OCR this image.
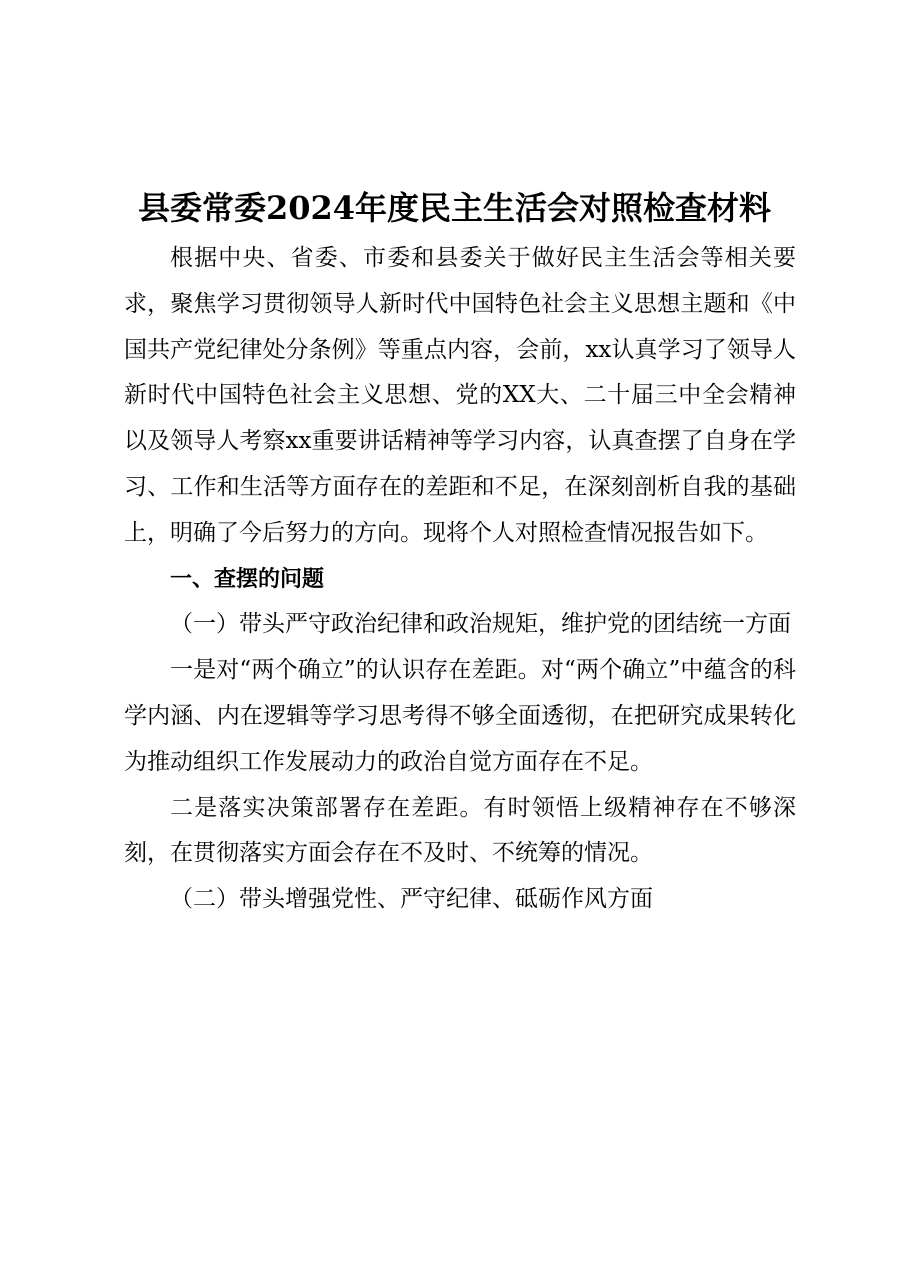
县委常委2024年度民主生活会对照检查材料

根据中央、省委、市委和县委关于做好民主生活会等相关要求，聚焦学习贯彻领导人新时代中国特色社会主义思想主题和《中国共产党纪律处分条例》等重点内容，会前，xx认真学习了领导人新时代中国特色社会主义思想、党的XX大、二十届三中全会精神以及领导人考察xx重要讲话精神等学习内容，认真查摆了自身在学习、工作和生活等方面存在的差距和不足，在深刻剖析自我的基础上，明确了今后努力的方向。现将个人对照检查情况报告如下。

一、查摆的问题

（一）带头严守政治纪律和政治规矩，维护党的团结统一方面

一是对“两个确立”的认识存在差距。对“两个确立”中蕴含的科学内涵、内在逻辑等学习思考得不够全面透彻，在把研究成果转化为推动组织工作发展动力的政治自觉方面存在不足。

二是落实决策部署存在差距。有时领悟上级精神存在不够深刻，在贯彻落实方面会存在不及时、不统筹的情况。

（二）带头增强党性、严守纪律、砥砺作风方面
